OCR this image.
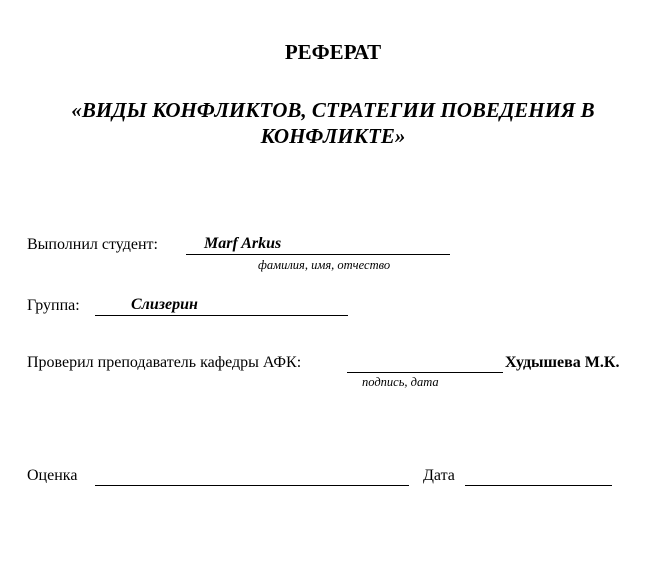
РЕФЕРАТ
«ВИДЫ КОНФЛИКТОВ, СТРАТЕГИИ ПОВЕДЕНИЯ В
КОНФЛИКТЕ»
Выполнил студент:	Marf Arkus
фамилия, имя, отчество
Группа:	Слизерин
Проверил преподаватель кафедры АФК:	Худышева М.К.
подпись, дата
Оценка	Дата
